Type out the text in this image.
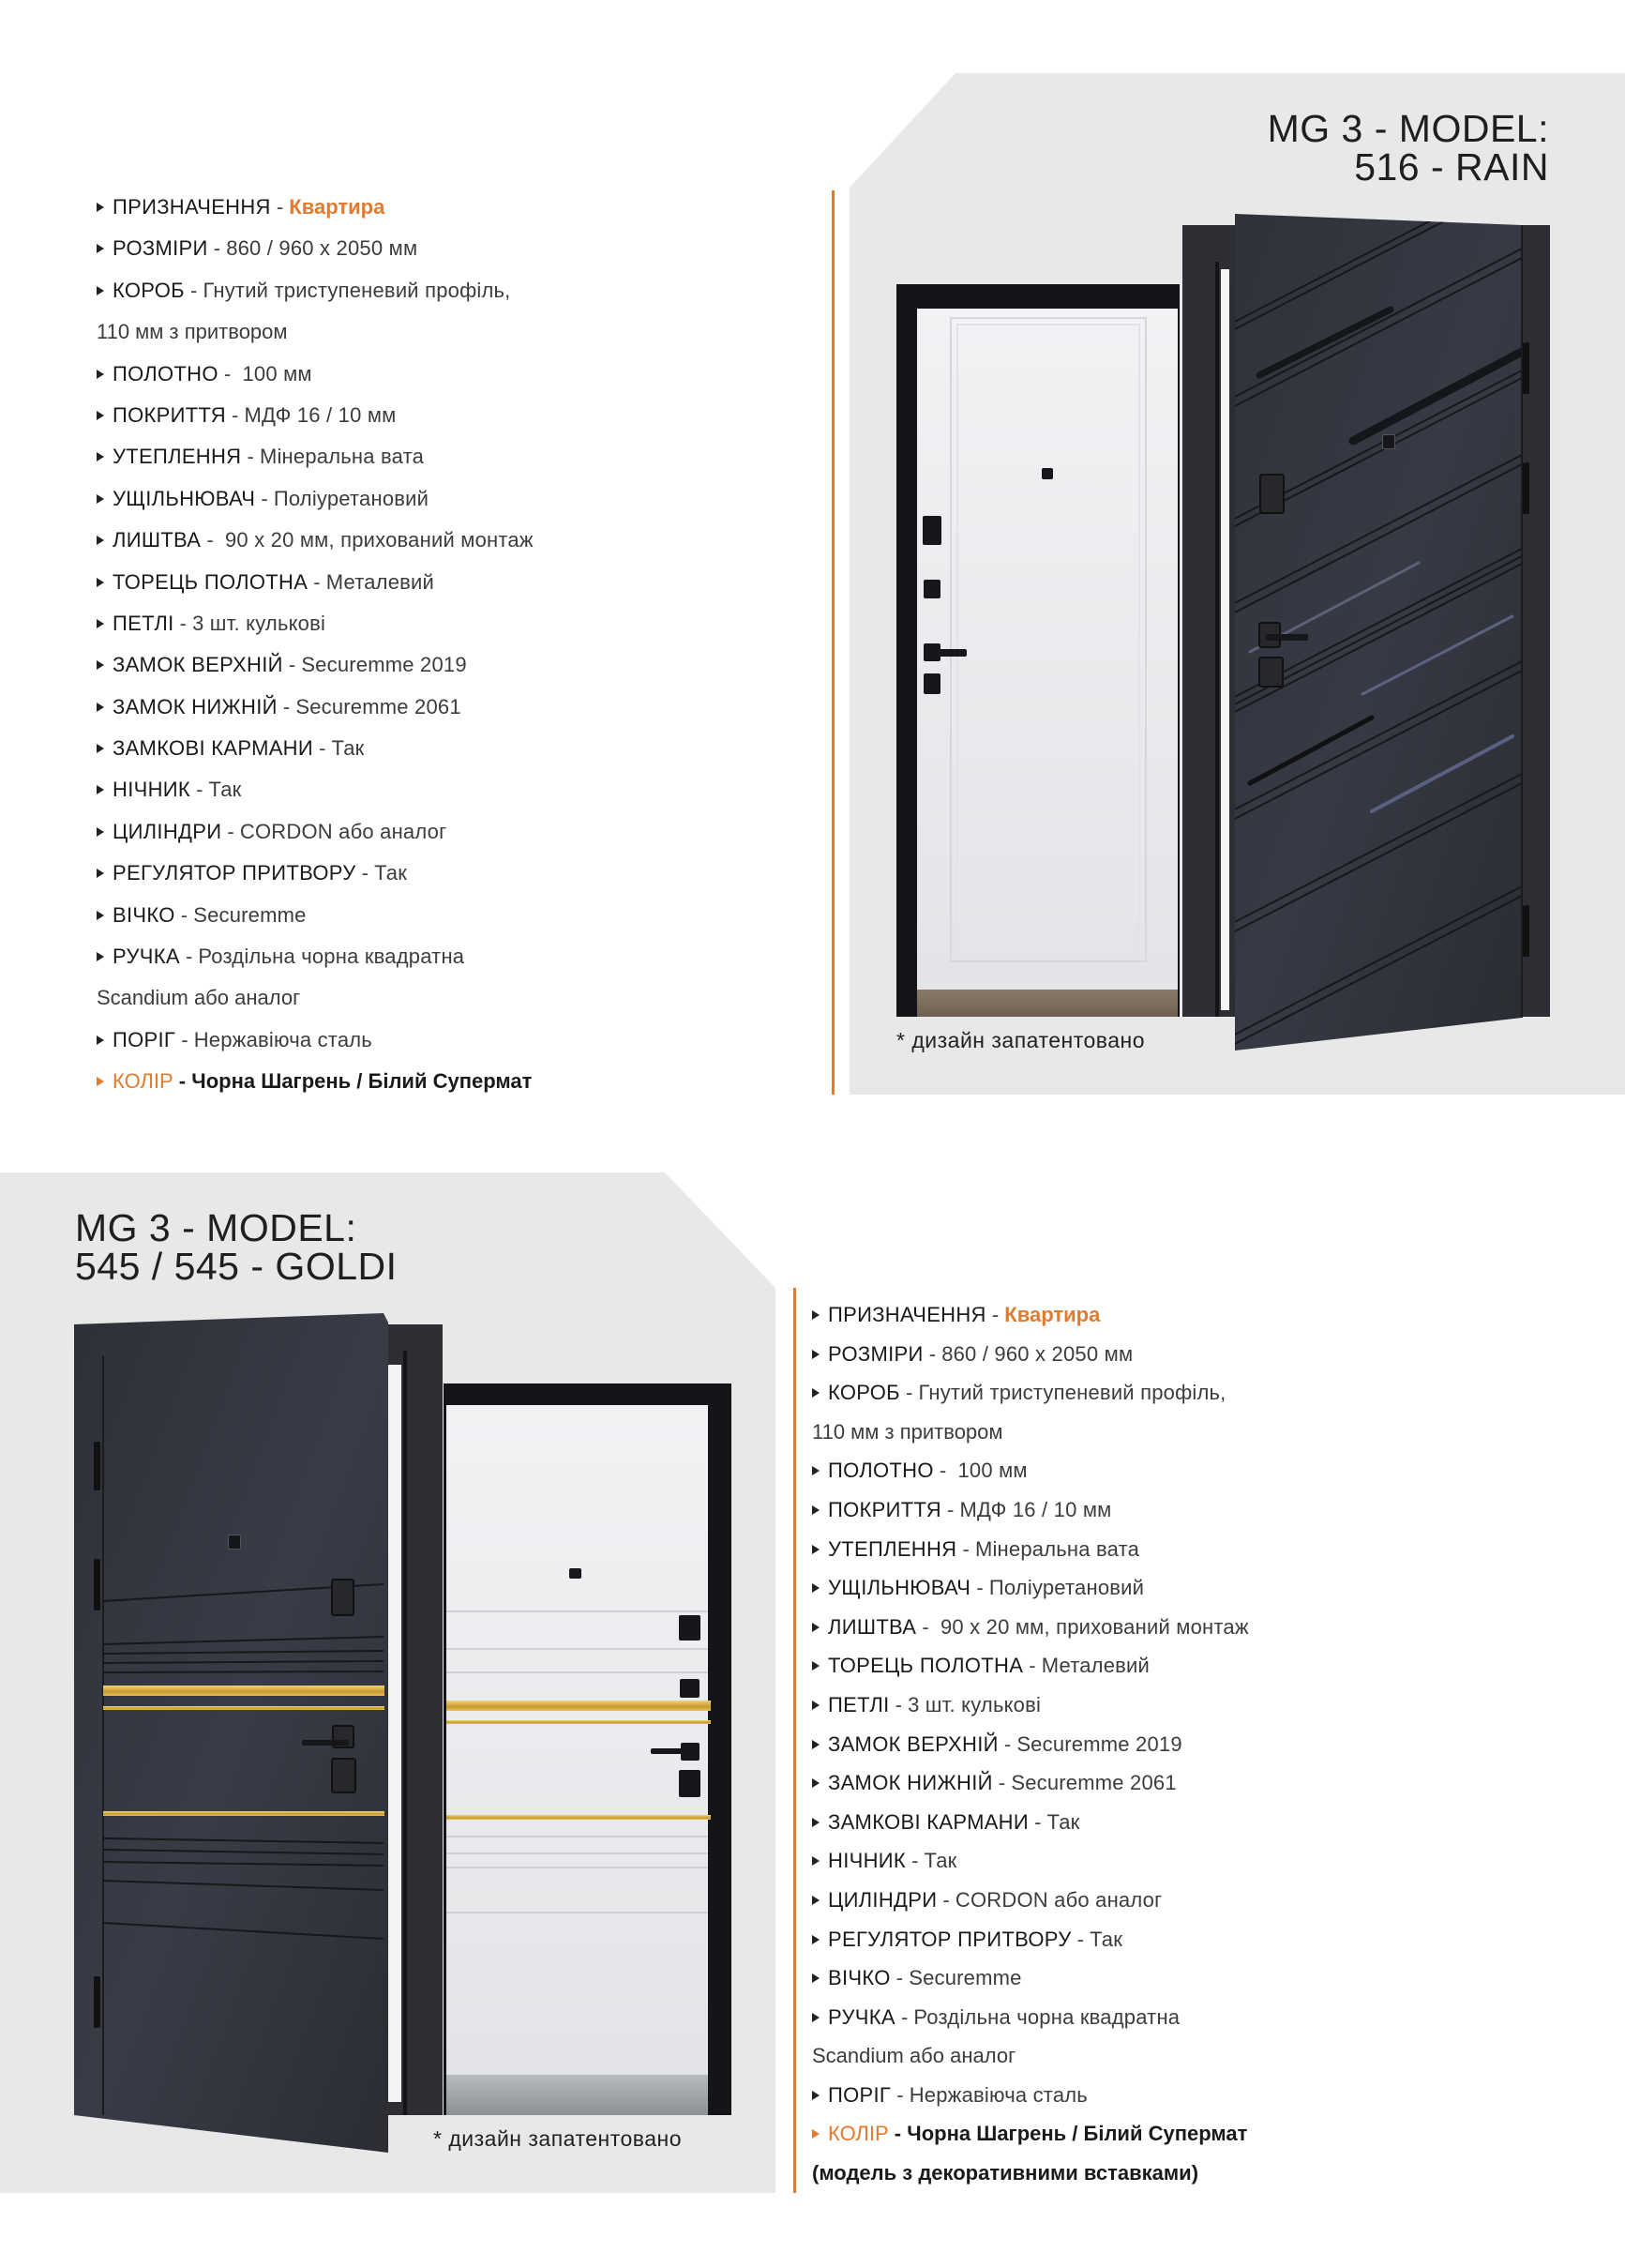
MG 3 - MODEL:
516 - RAIN
ПРИЗНАЧЕННЯ - Квартира
РОЗМІРИ - 860 / 960 x 2050 мм
КОРОБ - Гнутий триступеневий профіль,
110 мм з притвором
ПОЛОТНО -  100 мм
ПОКРИТТЯ - МДФ 16 / 10 мм
УТЕПЛЕННЯ - Мінеральна вата
УЩІЛЬНЮВАЧ - Поліуретановий
ЛИШТВА -  90 x 20 мм, прихований монтаж
ТОРЕЦЬ ПОЛОТНА - Металевий
ПЕТЛІ - 3 шт. кулькові
ЗАМОК ВЕРХНІЙ - Securemme 2019
ЗАМОК НИЖНІЙ - Securemme 2061
ЗАМКОВІ КАРМАНИ - Так
НІЧНИК - Так
ЦИЛІНДРИ - CORDON або аналог
РЕГУЛЯТОР ПРИТВОРУ - Так
ВІЧКО - Securemme
РУЧКА - Роздільна чорна квадратна
Scandium або аналог
ПОРІГ - Нержавіюча сталь
КОЛІР - Чорна Шагрень / Білий Супермат
* дизайн запатентовано
MG 3 - MODEL:
545 / 545 - GOLDI
ПРИЗНАЧЕННЯ - Квартира
РОЗМІРИ - 860 / 960 x 2050 мм
КОРОБ - Гнутий триступеневий профіль,
110 мм з притвором
ПОЛОТНО -  100 мм
ПОКРИТТЯ - МДФ 16 / 10 мм
УТЕПЛЕННЯ - Мінеральна вата
УЩІЛЬНЮВАЧ - Поліуретановий
ЛИШТВА -  90 x 20 мм, прихований монтаж
ТОРЕЦЬ ПОЛОТНА - Металевий
ПЕТЛІ - 3 шт. кулькові
ЗАМОК ВЕРХНІЙ - Securemme 2019
ЗАМОК НИЖНІЙ - Securemme 2061
ЗАМКОВІ КАРМАНИ - Так
НІЧНИК - Так
ЦИЛІНДРИ - CORDON або аналог
РЕГУЛЯТОР ПРИТВОРУ - Так
ВІЧКО - Securemme
РУЧКА - Роздільна чорна квадратна
Scandium або аналог
ПОРІГ - Нержавіюча сталь
КОЛІР - Чорна Шагрень / Білий Супермат
(модель з декоративними вставками)
* дизайн запатентовано
